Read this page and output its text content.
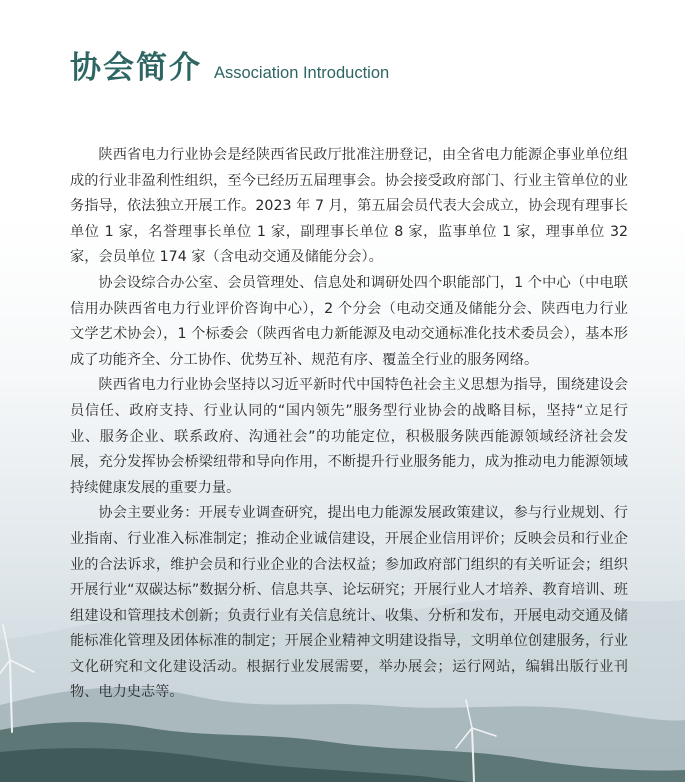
协会简介 Association Introduction

陕西省电力行业协会是经陕西省民政厅批准注册登记，由全省电力能源企事业单位组成的行业非盈利性组织，至今已经历五届理事会。协会接受政府部门、行业主管单位的业务指导，依法独立开展工作。2023 年 7 月，第五届会员代表大会成立，协会现有理事长单位 1 家，名誉理事长单位 1 家，副理事长单位 8 家，监事单位 1 家，理事单位 32 家，会员单位 174 家（含电动交通及储能分会）。

协会设综合办公室、会员管理处、信息处和调研处四个职能部门，1 个中心（中电联信用办陕西省电力行业评价咨询中心），2 个分会（电动交通及储能分会、陕西电力行业文学艺术协会），1 个标委会（陕西省电力新能源及电动交通标准化技术委员会），基本形成了功能齐全、分工协作、优势互补、规范有序、覆盖全行业的服务网络。

陕西省电力行业协会坚持以习近平新时代中国特色社会主义思想为指导，围绕建设会员信任、政府支持、行业认同的“国内领先”服务型行业协会的战略目标，坚持“立足行业、服务企业、联系政府、沟通社会”的功能定位，积极服务陕西能源领域经济社会发展，充分发挥协会桥梁纽带和导向作用，不断提升行业服务能力，成为推动电力能源领域持续健康发展的重要力量。

协会主要业务：开展专业调查研究，提出电力能源发展政策建议，参与行业规划、行业指南、行业准入标准制定；推动企业诚信建设，开展企业信用评价；反映会员和行业企业的合法诉求，维护会员和行业企业的合法权益；参加政府部门组织的有关听证会；组织开展行业“双碳达标”数据分析、信息共享、论坛研究；开展行业人才培养、教育培训、班组建设和管理技术创新；负责行业有关信息统计、收集、分析和发布，开展电动交通及储能标准化管理及团体标准的制定；开展企业精神文明建设指导，文明单位创建服务，行业文化研究和文化建设活动。根据行业发展需要，举办展会；运行网站，编辑出版行业刊物、电力史志等。
